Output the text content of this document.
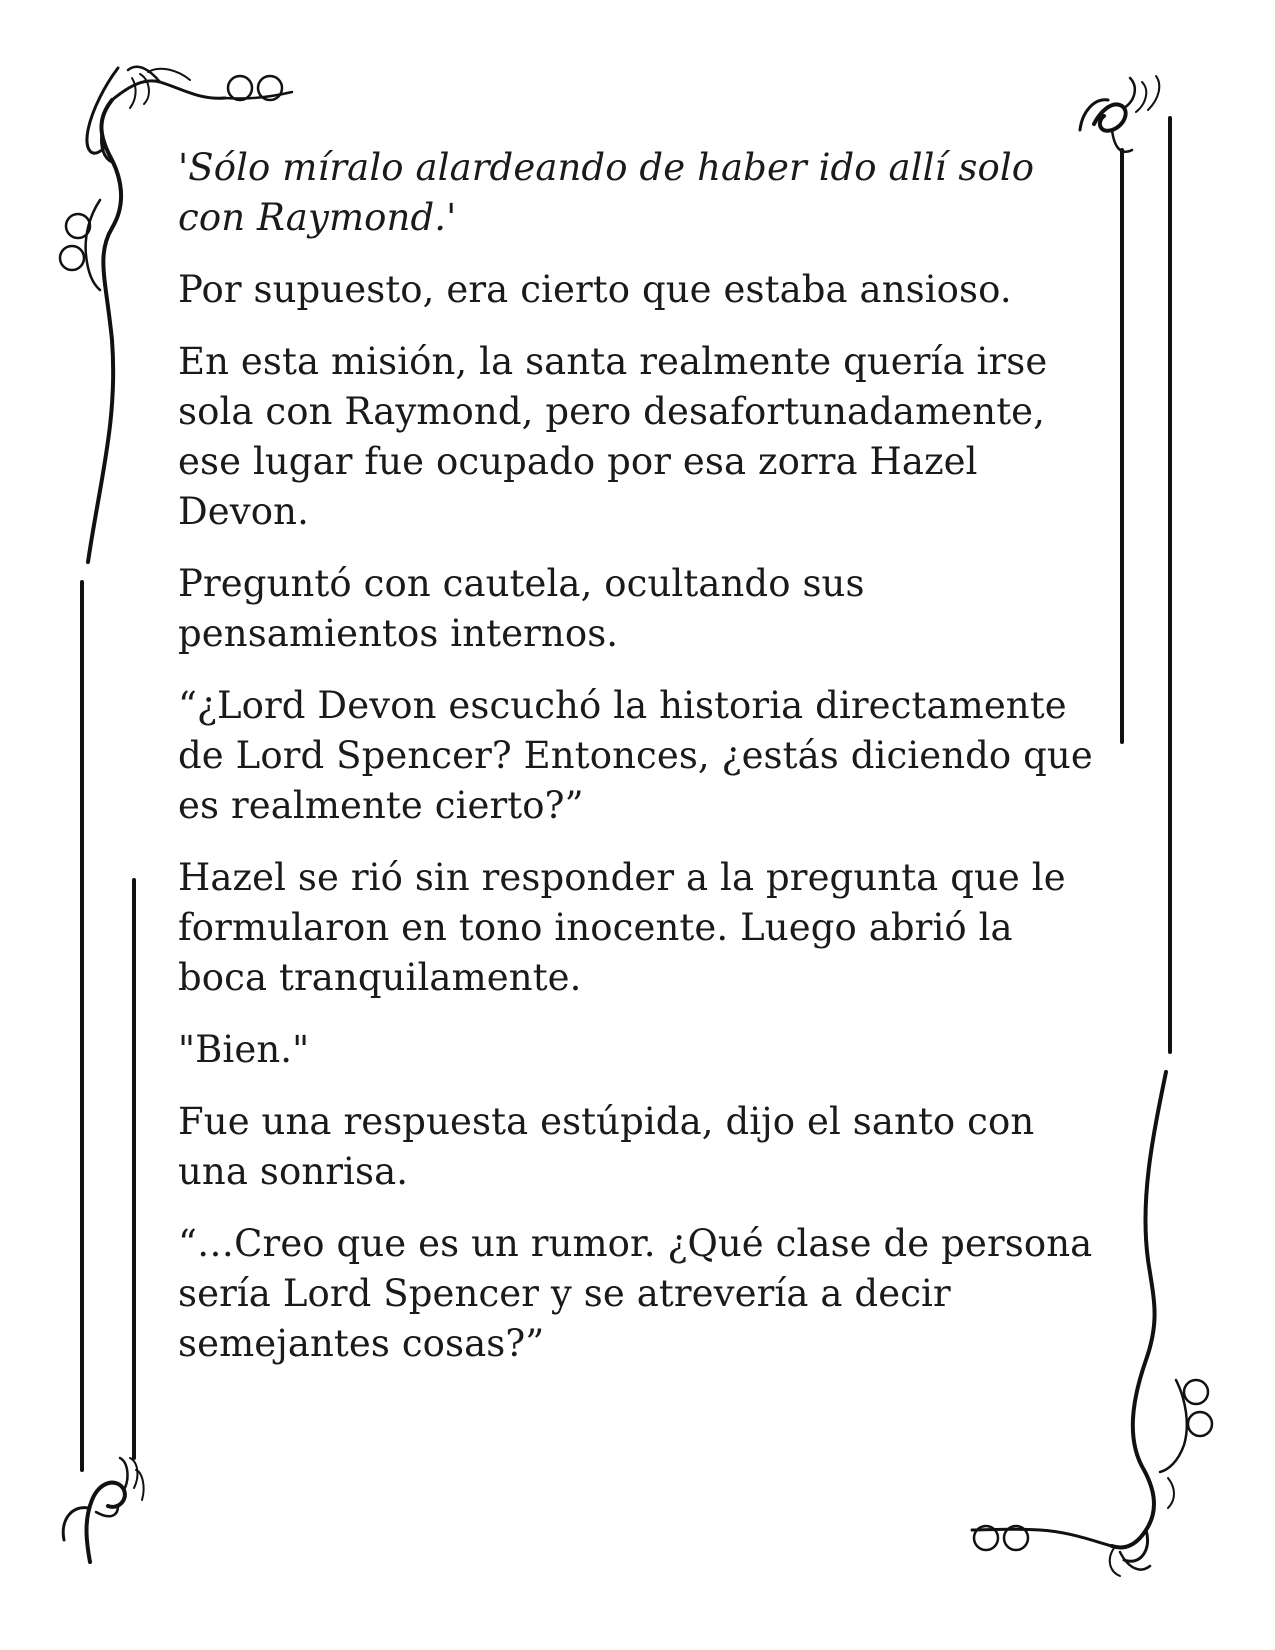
'Sólo míralo alardeando de haber ido allí solo con Raymond.'

Por supuesto, era cierto que estaba ansioso.

En esta misión, la santa realmente quería irse sola con Raymond, pero desafortunadamente, ese lugar fue ocupado por esa zorra Hazel Devon.

Preguntó con cautela, ocultando sus pensamientos internos.

“¿Lord Devon escuchó la historia directamente de Lord Spencer? Entonces, ¿estás diciendo que es realmente cierto?”

Hazel se rió sin responder a la pregunta que le formularon en tono inocente. Luego abrió la boca tranquilamente.

"Bien."

Fue una respuesta estúpida, dijo el santo con una sonrisa.

“…Creo que es un rumor. ¿Qué clase de persona sería Lord Spencer y se atrevería a decir semejantes cosas?”
